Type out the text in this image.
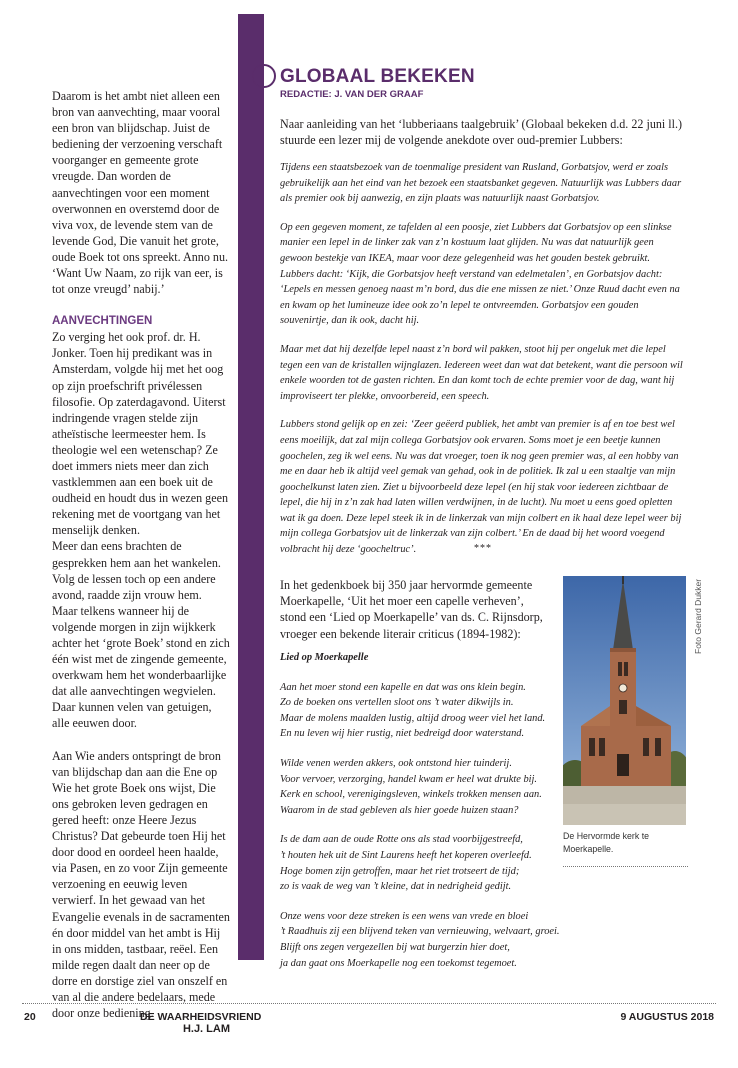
Daarom is het ambt niet alleen een bron van aanvechting, maar vooral een bron van blijdschap. Juist de bediening der verzoening verschaft voorganger en gemeente grote vreugde. Dan worden de aanvechtingen voor een moment overwonnen en overstemd door de viva vox, de levende stem van de levende God, Die vanuit het grote, oude Boek tot ons spreekt. Anno nu. ‘Want Uw Naam, zo rijk van eer, is tot onze vreugd’ nabij.’

AANVECHTINGEN

Zo verging het ook prof. dr. H. Jonker. Toen hij predikant was in Amsterdam, volgde hij met het oog op zijn proefschrift privélessen filosofie. Op zaterdagavond. Uiterst indringende vragen stelde zijn atheïstische leermeester hem. Is theologie wel een wetenschap? Ze doet immers niets meer dan zich vastklemmen aan een boek uit de oudheid en houdt dus in wezen geen rekening met de voortgang van het menselijk denken.

Meer dan eens brachten de gesprekken hem aan het wankelen. Volg de lessen toch op een andere avond, raadde zijn vrouw hem. Maar telkens wanneer hij de volgende morgen in zijn wijkkerk achter het ‘grote Boek’ stond en zich één wist met de zingende gemeente, overkwam hem het wonderbaarlijke dat alle aanvechtingen wegvielen. Daar kunnen velen van getuigen, alle eeuwen door.

Aan Wie anders ontspringt de bron van blijdschap dan aan die Ene op Wie het grote Boek ons wijst, Die ons gebroken leven gedragen en gered heeft: onze Heere Jezus Christus? Dat gebeurde toen Hij het door dood en oordeel heen haalde, via Pasen, en zo voor Zijn gemeente verzoening en eeuwig leven verwierf. In het gewaad van het Evangelie evenals in de sacramenten én door middel van het ambt is Hij in ons midden, tastbaar, reëel. Een milde regen daalt dan neer op de dorre en dorstige ziel van onszelf en van al die andere bedelaars, mede door onze bediening.

H.J. LAM
GLOBAAL BEKEKEN
REDACTIE: J. VAN DER GRAAF

Naar aanleiding van het ‘lubberiaans taalgebruik’ (Globaal bekeken d.d. 22 juni ll.) stuurde een lezer mij de volgende anekdote over oud-premier Lubbers:

Tijdens een staatsbezoek van de toenmalige president van Rusland, Gorbatsjov, werd er zoals gebruikelijk aan het eind van het bezoek een staatsbanket gegeven. Natuurlijk was Lubbers daar als premier ook bij aanwezig, en zijn plaats was natuurlijk naast Gorbatsjov.

Op een gegeven moment, ze tafelden al een poosje, ziet Lubbers dat Gorbatsjov op een slinkse manier een lepel in de linker zak van z’n kostuum laat glijden. Nu was dat natuurlijk geen gewoon bestekje van IKEA, maar voor deze gelegenheid was het gouden bestek gebruikt. Lubbers dacht: ‘Kijk, die Gorbatsjov heeft verstand van edelmetalen’, en Gorbatsjov dacht: ‘Lepels en messen genoeg naast m’n bord, dus die ene missen ze niet.’ Onze Ruud dacht even na en kwam op het lumineuze idee ook zo’n lepel te ontvreemden. Gorbatsjov een gouden souvenirtje, dan ik ook, dacht hij.

Maar met dat hij dezelfde lepel naast z’n bord wil pakken, stoot hij per ongeluk met die lepel tegen een van de kristallen wijnglazen. Iedereen weet dan wat dat betekent, want die persoon wil enkele woorden tot de gasten richten. En dan komt toch de echte premier voor de dag, want hij improviseert ter plekke, onvoorbereid, een speech.

Lubbers stond gelijk op en zei: ‘Zeer geëerd publiek, het ambt van premier is af en toe best wel eens moeilijk, dat zal mijn collega Gorbatsjov ook ervaren. Soms moet je een beetje kunnen goochelen, zeg ik wel eens. Nu was dat vroeger, toen ik nog geen premier was, al een hobby van me en daar heb ik altijd veel gemak van gehad, ook in de politiek. Ik zal u een staaltje van mijn goochelkunst laten zien. Ziet u bijvoorbeeld deze lepel (en hij stak voor iedereen zichtbaar de lepel, die hij in z’n zak had laten willen verdwijnen, in de lucht). Nu moet u eens goed opletten wat ik ga doen. Deze lepel steek ik in de linkerzak van mijn colbert en ik haal deze lepel weer bij mijn collega Gorbatsjov uit de linkerzak van zijn colbert.’ En de daad bij het woord voegend volbracht hij deze ‘goocheltruc’.	***

In het gedenkboek bij 350 jaar hervormde gemeente Moerkapelle, ‘Uit het moer een capelle verheven’, stond een ‘Lied op Moerkapelle’ van ds. C. Rijnsdorp, vroeger een bekende literair criticus (1894-1982):

Lied op Moerkapelle
Aan het moer stond een kapelle en dat was ons klein begin.
Zo de boeken ons vertellen sloot ons ’t water dikwijls in.
Maar de molens maalden lustig, altijd droog weer viel het land.
En nu leven wij hier rustig, niet bedreigd door waterstand.
Wilde venen werden akkers, ook ontstond hier tuinderij.
Voor vervoer, verzorging, handel kwam er heel wat drukte bij.
Kerk en school, verenigingsleven, winkels trokken mensen aan.
Waarom in de stad gebleven als hier goede huizen staan?
Is de dam aan de oude Rotte ons als stad voorbijgestreefd,
’t houten hek uit de Sint Laurens heeft het koperen overleefd.
Hoge bomen zijn getroffen, maar het riet trotseert de tijd;
zo is vaak de weg van ’t kleine, dat in nedrigheid gedijt.
Onze wens voor deze streken is een wens van vrede en bloei
’t Raadhuis zij een blijvend teken van vernieuwing, welvaart, groei.
Blijft ons zegen vergezellen bij wat burgerzin hier doet,
ja dan gaat ons Moerkapelle nog een toekomst tegemoet.
Foto Gerard Dukker
De Hervormde kerk te Moerkapelle.
20	DE WAARHEIDSVRIEND	9 AUGUSTUS 2018
